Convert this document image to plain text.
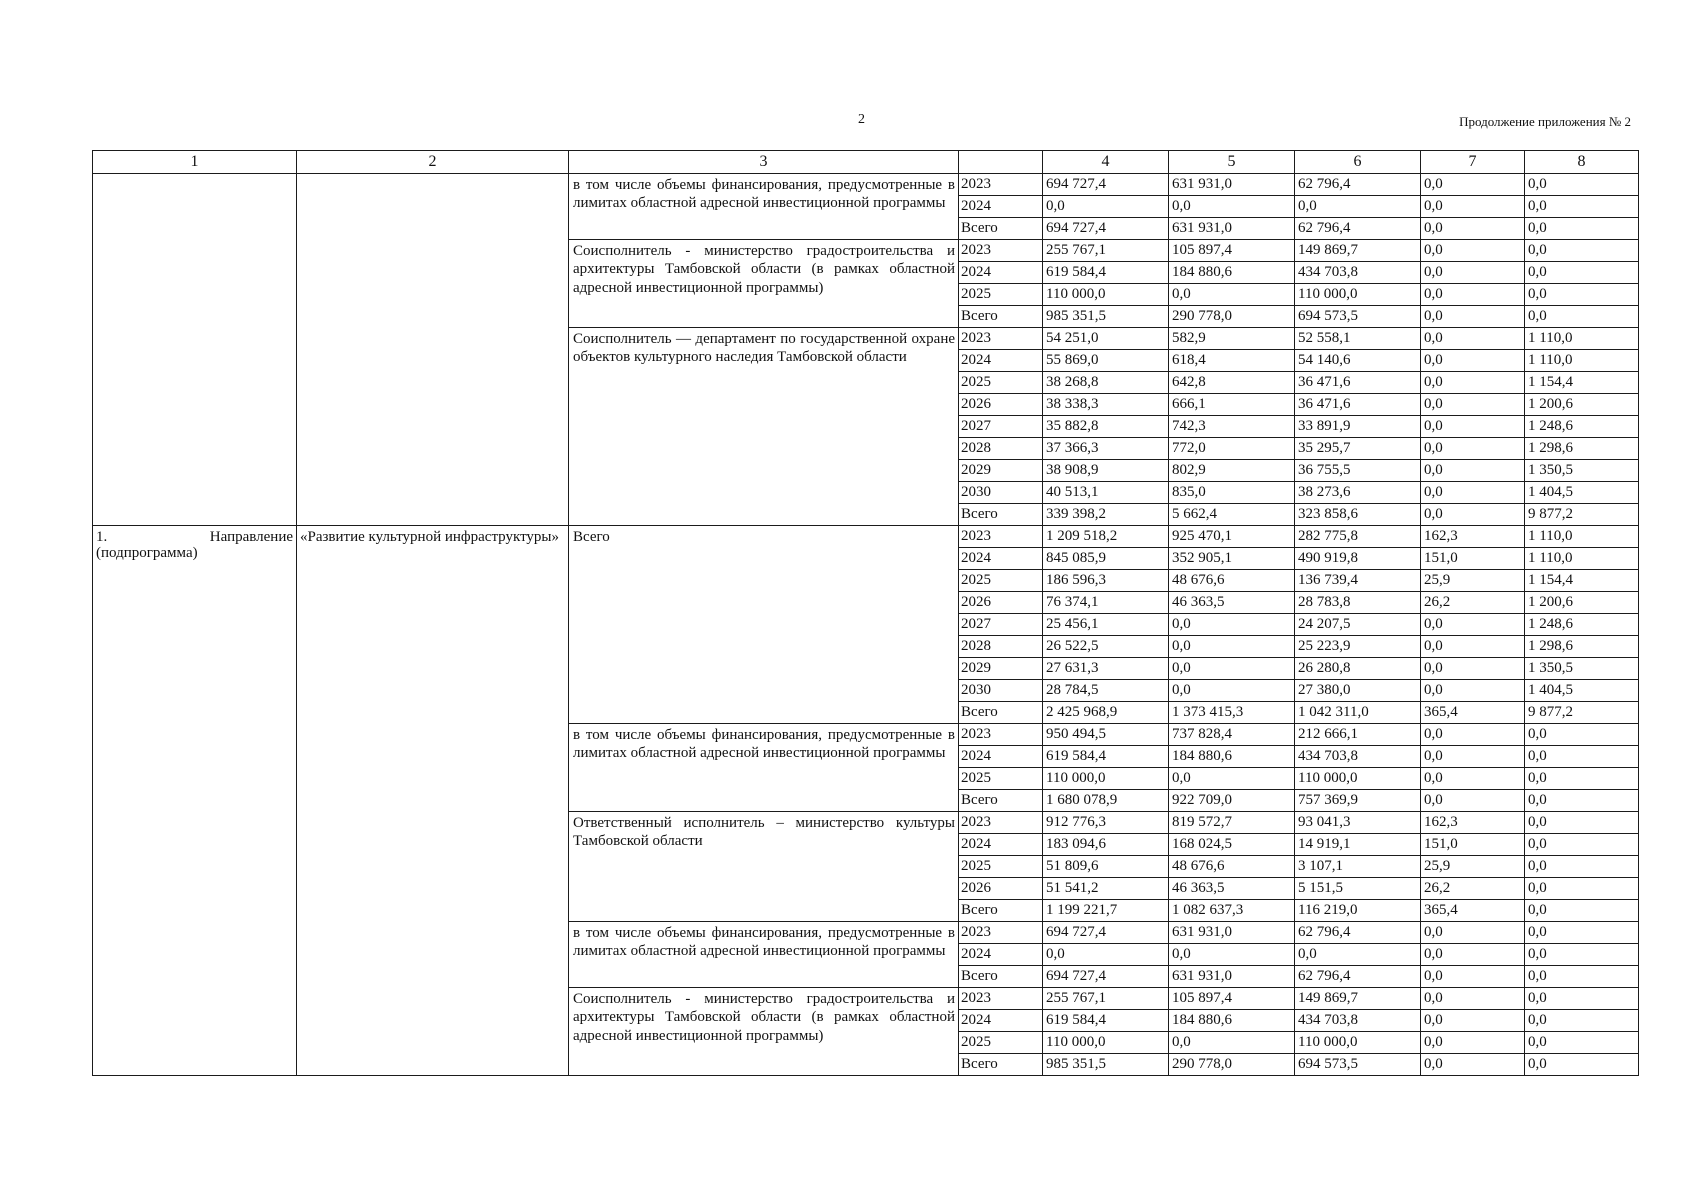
2	Продолжение приложения № 2
1	2	3		4	5	6	7	8

	в том числе объемы финансирования, предусмотренные в лимитах областной адресной инвестиционной программы	2023	694 727,4	631 931,0	62 796,4	0,0	0,0
			2024	0,0	0,0	0,0	0,0	0,0
			Всего	694 727,4	631 931,0	62 796,4	0,0	0,0
		Соисполнитель - министерство градостроительства и архитектуры Тамбовской области (в рамках областной адресной инвестиционной программы)	2023	255 767,1	105 897,4	149 869,7	0,0	0,0
			2024	619 584,4	184 880,6	434 703,8	0,0	0,0
			2025	110 000,0	0,0	110 000,0	0,0	0,0
			Всего	985 351,5	290 778,0	694 573,5	0,0	0,0
		Соисполнитель — департамент по государственной охране объектов культурного наследия Тамбовской области	2023	54 251,0	582,9	52 558,1	0,0	1 110,0
			2024	55 869,0	618,4	54 140,6	0,0	1 110,0
			2025	38 268,8	642,8	36 471,6	0,0	1 154,4
			2026	38 338,3	666,1	36 471,6	0,0	1 200,6
			2027	35 882,8	742,3	33 891,9	0,0	1 248,6
			2028	37 366,3	772,0	35 295,7	0,0	1 298,6
			2029	38 908,9	802,9	36 755,5	0,0	1 350,5
			2030	40 513,1	835,0	38 273,6	0,0	1 404,5
			Всего	339 398,2	5 662,4	323 858,6	0,0	9 877,2

1. Направление (подпрограмма)	«Развитие культурной инфраструктуры»	Всего	2023	1 209 518,2	925 470,1	282 775,8	162,3	1 110,0
			2024	845 085,9	352 905,1	490 919,8	151,0	1 110,0
			2025	186 596,3	48 676,6	136 739,4	25,9	1 154,4
			2026	76 374,1	46 363,5	28 783,8	26,2	1 200,6
			2027	25 456,1	0,0	24 207,5	0,0	1 248,6
			2028	26 522,5	0,0	25 223,9	0,0	1 298,6
			2029	27 631,3	0,0	26 280,8	0,0	1 350,5
			2030	28 784,5	0,0	27 380,0	0,0	1 404,5
			Всего	2 425 968,9	1 373 415,3	1 042 311,0	365,4	9 877,2
		в том числе объемы финансирования, предусмотренные в лимитах областной адресной инвестиционной программы	2023	950 494,5	737 828,4	212 666,1	0,0	0,0
			2024	619 584,4	184 880,6	434 703,8	0,0	0,0
			2025	110 000,0	0,0	110 000,0	0,0	0,0
			Всего	1 680 078,9	922 709,0	757 369,9	0,0	0,0
		Ответственный исполнитель – министерство культуры Тамбовской области	2023	912 776,3	819 572,7	93 041,3	162,3	0,0
			2024	183 094,6	168 024,5	14 919,1	151,0	0,0
			2025	51 809,6	48 676,6	3 107,1	25,9	0,0
			2026	51 541,2	46 363,5	5 151,5	26,2	0,0
			Всего	1 199 221,7	1 082 637,3	116 219,0	365,4	0,0
		в том числе объемы финансирования, предусмотренные в лимитах областной адресной инвестиционной программы	2023	694 727,4	631 931,0	62 796,4	0,0	0,0
			2024	0,0	0,0	0,0	0,0	0,0
			Всего	694 727,4	631 931,0	62 796,4	0,0	0,0
		Соисполнитель - министерство градостроительства и архитектуры Тамбовской области (в рамках областной адресной инвестиционной программы)	2023	255 767,1	105 897,4	149 869,7	0,0	0,0
			2024	619 584,4	184 880,6	434 703,8	0,0	0,0
			2025	110 000,0	0,0	110 000,0	0,0	0,0
			Всего	985 351,5	290 778,0	694 573,5	0,0	0,0
